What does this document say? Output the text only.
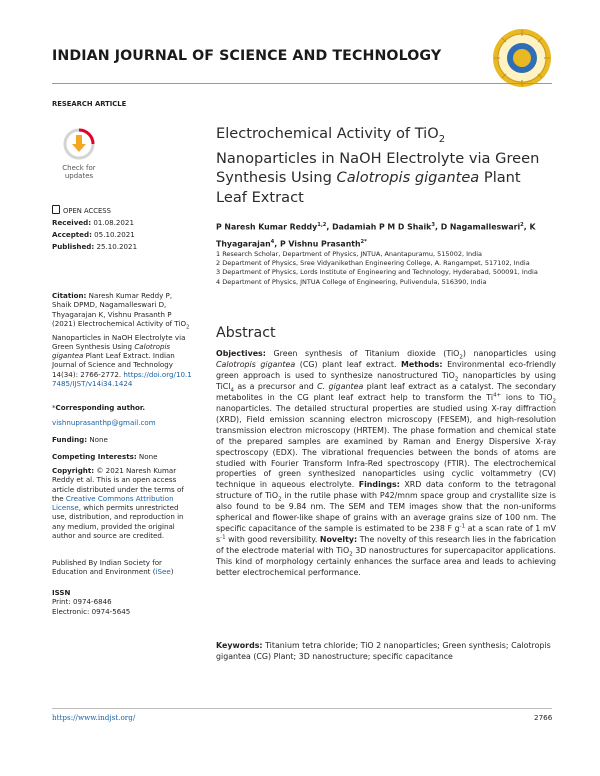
INDIAN JOURNAL OF SCIENCE AND TECHNOLOGY
RESEARCH ARTICLE
Check for
updates
Electrochemical Activity of TiO$_2$ Nanoparticles in NaOH Electrolyte via Green Synthesis Using Calotropis gigantea Plant Leaf Extract
OPEN ACCESS
Received: 01.08.2021
Accepted: 05.10.2021
Published: 25.10.2021
Citation: Naresh Kumar Reddy P, Shaik DPMD, Nagamalleswari D, Thyagarajan K, Vishnu Prasanth P (2021) Electrochemical Activity of TiO$_2$ Nanoparticles in NaOH Electrolyte via Green Synthesis Using Calotropis gigantea Plant Leaf Extract. Indian Journal of Science and Technology 14(34): 2766-2772. https://doi.org/10.17485/IJST/v14i34.1424
*Corresponding author.
vishnuprasanthp@gmail.com
Funding: None
Competing Interests: None
Copyright: © 2021 Naresh Kumar Reddy et al. This is an open access article distributed under the terms of the Creative Commons Attribution License, which permits unrestricted use, distribution, and reproduction in any medium, provided the original author and source are credited.
Published By Indian Society for Education and Environment (iSee)
ISSN
Print: 0974-6846
Electronic: 0974-5645
P Naresh Kumar Reddy$^{1,2}$, Dadamiah P M D Shaik$^3$, D Nagamalleswari$^2$, K Thyagarajan$^4$, P Vishnu Prasanth$^{2*}$
1 Research Scholar, Department of Physics, JNTUA, Anantapuramu, 515002, India
2 Department of Physics, Sree Vidyanikethan Engineering College, A. Rangampet, 517102, India
3 Department of Physics, Lords Institute of Engineering and Technology, Hyderabad, 500091, India
4 Department of Physics, JNTUA College of Engineering, Pulivendula, 516390, India
Abstract
Objectives: Green synthesis of Titanium dioxide (TiO$_2$) nanoparticles using Calotropis gigantea (CG) plant leaf extract. Methods: Environmental eco-friendly green approach is used to synthesize nanostructured TiO$_2$ nanoparticles by using TiCl$_4$ as a precursor and C. gigantea plant leaf extract as a catalyst. The secondary metabolites in the CG plant leaf extract help to transform the $Ti^{4+}$ ions to TiO$_2$ nanoparticles. The detailed structural properties are studied using X-ray diffraction (XRD), Field emission scanning electron microscopy (FESEM), and high-resolution transmission electron microscopy (HRTEM). The phase formation and chemical state of the prepared samples are examined by Raman and Energy Dispersive X-ray spectroscopy (EDX). The vibrational frequencies between the bonds of atoms are studied with Fourier Transform Infra-Red spectroscopy (FTIR). The electrochemical properties of green synthesized nanoparticles using cyclic voltammetry (CV) technique in aqueous electrolyte. Findings: XRD data conform to the tetragonal structure of TiO$_2$ in the rutile phase with P42/mnm space group and crystallite size is also found to be 9.84 nm. The SEM and TEM images show that the non-uniforms spherical and flower-like shape of grains with an average grains size of 100 nm. The specific capacitance of the sample is estimated to be 238 F $g^{-1}$ at a scan rate of 1 mV $s^{-1}$ with good reversibility. Novelty: The novelty of this research lies in the fabrication of the electrode material with TiO$_2$ 3D nanostructures for supercapacitor applications. This kind of morphology certainly enhances the surface area and leads to achieving better electrochemical performance.
Keywords: Titanium tetra chloride; TiO 2 nanoparticles; Green synthesis; Calotropis gigantea (CG) Plant; 3D nanostructure; specific capacitance
https://www.indjst.org/	2766
